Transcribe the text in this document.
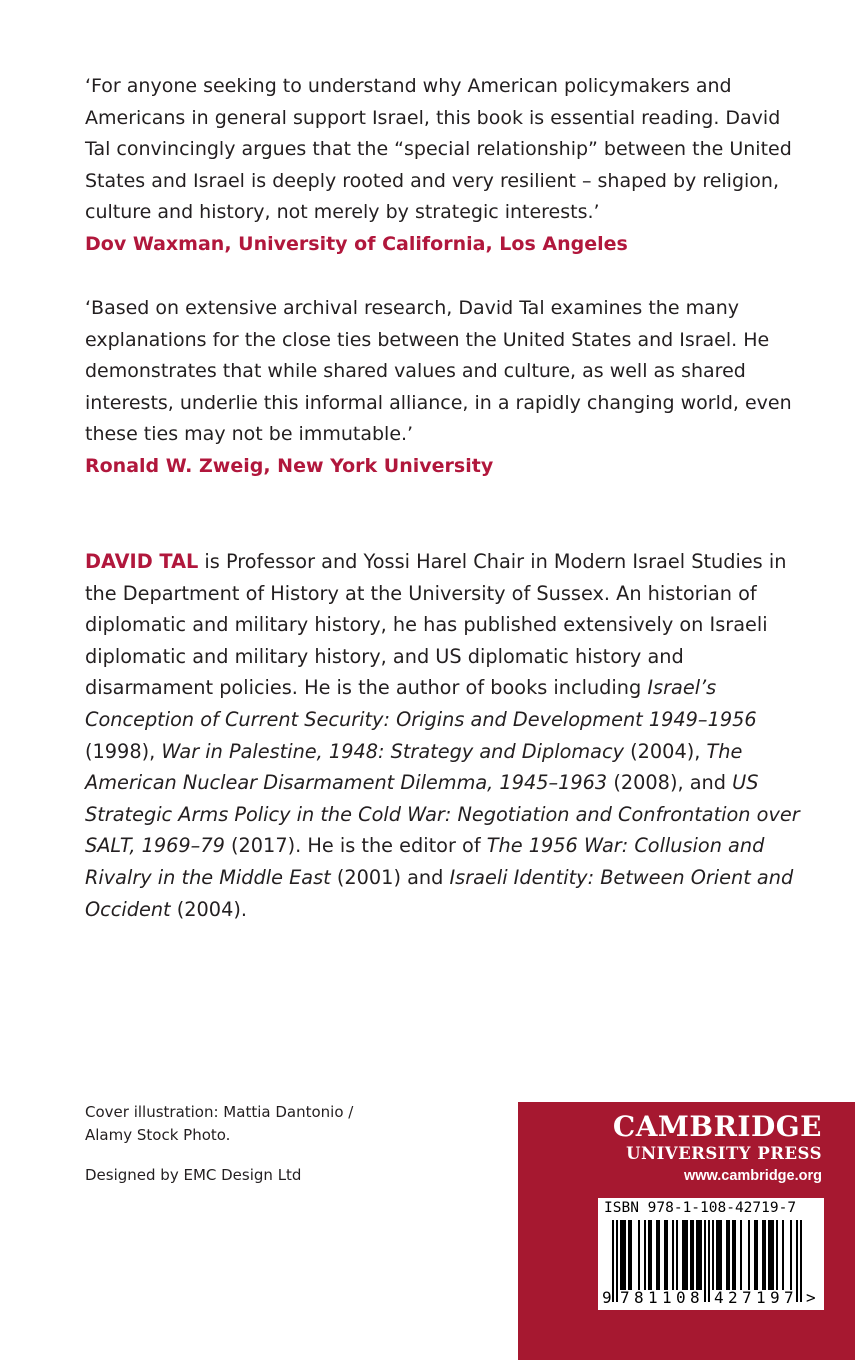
‘For anyone seeking to understand why American policymakers and Americans in general support Israel, this book is essential reading. David Tal convincingly argues that the “special relationship” between the United States and Israel is deeply rooted and very resilient – shaped by religion, culture and history, not merely by strategic interests.’

Dov Waxman, University of California, Los Angeles

‘Based on extensive archival research, David Tal examines the many explanations for the close ties between the United States and Israel. He demonstrates that while shared values and culture, as well as shared interests, underlie this informal alliance, in a rapidly changing world, even these ties may not be immutable.’

Ronald W. Zweig, New York University

DAVID TAL is Professor and Yossi Harel Chair in Modern Israel Studies in the Department of History at the University of Sussex. An historian of diplomatic and military history, he has published extensively on Israeli diplomatic and military history, and US diplomatic history and disarmament policies. He is the author of books including Israel’s Conception of Current Security: Origins and Development 1949–1956 (1998), War in Palestine, 1948: Strategy and Diplomacy (2004), The American Nuclear Disarmament Dilemma, 1945–1963 (2008), and US Strategic Arms Policy in the Cold War: Negotiation and Confrontation over SALT, 1969–79 (2017). He is the editor of The 1956 War: Collusion and Rivalry in the Middle East (2001) and Israeli Identity: Between Orient and Occident (2004).

Cover illustration: Mattia Dantonio / Alamy Stock Photo.

Designed by EMC Design Ltd

CAMBRIDGE
UNIVERSITY PRESS
www.cambridge.org
ISBN 978-1-108-42719-7
9 7 8 1 1 0 8 4 2 7 1 9 7 >
